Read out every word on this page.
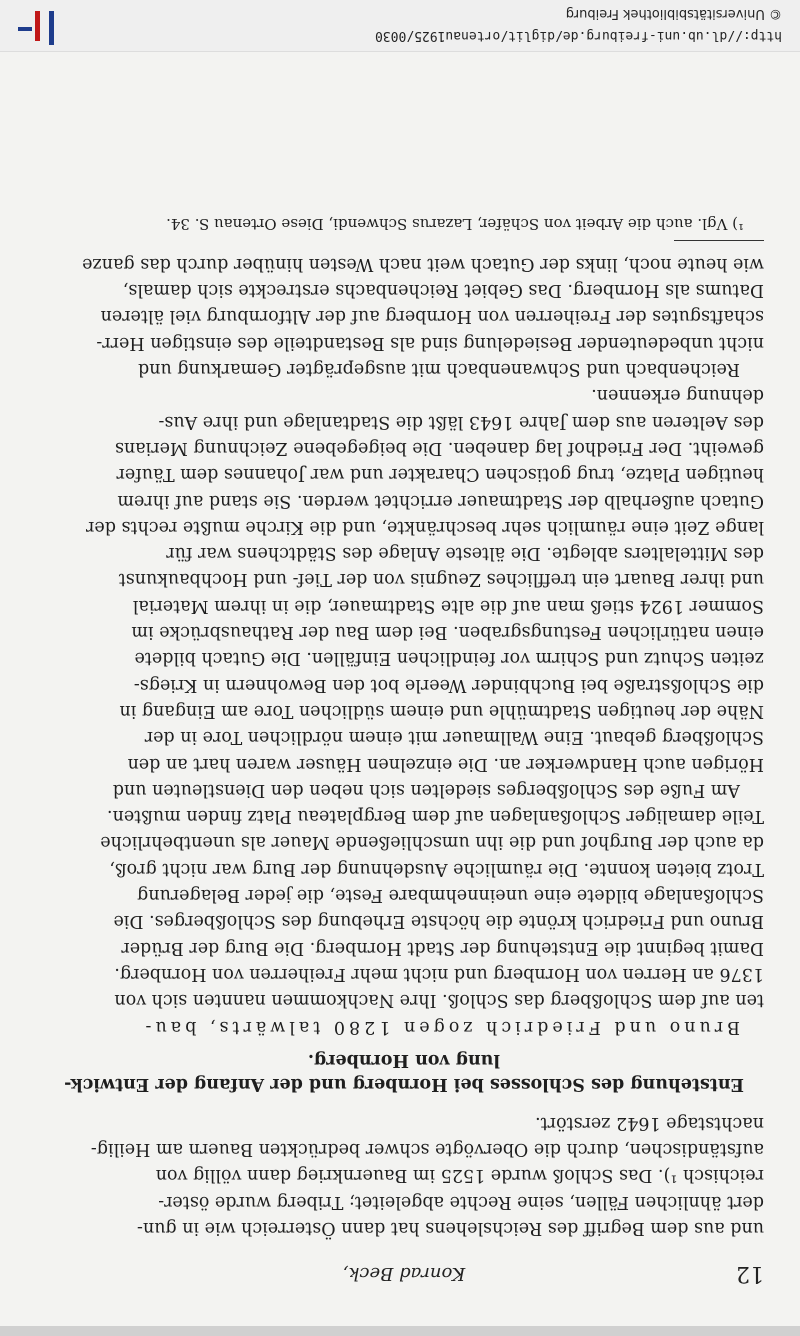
12
Konrad Beck,

und aus dem Begriff des Reichslehens hat dann Österreich wie in gun-
dert ähnlichen Fällen, seine Rechte abgeleitet; Triberg wurde öster-
reichisch ¹). Das Schloß wurde 1525 im Bauernkrieg dann völlig von
aufständischen, durch die Obervögte schwer bedrückten Bauern am Heilig-
nachtstage 1642 zerstört.

Entstehung des Schlosses bei Hornberg und der Anfang der Entwick-
lung von Hornberg.

Bruno und Friedrich zogen 1280 talwärts, bau-
ten auf dem Schloßberg das Schloß. Ihre Nachkommen nannten sich von
1376 an Herren von Hornberg und nicht mehr Freiherren von Hornberg.
Damit beginnt die Entstehung der Stadt Hornberg. Die Burg der Brüder
Bruno und Friedrich krönte die höchste Erhebung des Schloßberges. Die
Schloßanlage bildete eine uneinnehmbare Feste, die jeder Belagerung
Trotz bieten konnte. Die räumliche Ausdehnung der Burg war nicht groß,
da auch der Burghof und die ihn umschließende Mauer als unentbehrliche
Teile damaliger Schloßanlagen auf dem Bergplateau Platz finden mußten.
Am Fuße des Schloßberges siedelten sich neben den Dienstleuten und
Hörigen auch Handwerker an. Die einzelnen Häuser waren hart an den
Schloßberg gebaut. Eine Wallmauer mit einem nördlichen Tore in der
Nähe der heutigen Stadtmühle und einem südlichen Tore am Eingang in
die Schloßstraße bei Buchbinder Weerle bot den Bewohnern in Kriegs-
zeiten Schutz und Schirm vor feindlichen Einfällen. Die Gutach bildete
einen natürlichen Festungsgraben. Bei dem Bau der Rathausbrücke im
Sommer 1924 stieß man auf die alte Stadtmauer, die in ihrem Material
und ihrer Bauart ein treffliches Zeugnis von der Tief- und Hochbaukunst
des Mittelalters ablegte. Die älteste Anlage des Städtchens war für
lange Zeit eine räumlich sehr beschränkte, und die Kirche mußte rechts der
Gutach außerhalb der Stadtmauer errichtet werden. Sie stand auf ihrem
heutigen Platze, trug gotischen Charakter und war Johannes dem Täufer
geweiht. Der Friedhof lag daneben. Die beigegebene Zeichnung Merians
des Aelteren aus dem Jahre 1643 läßt die Stadtanlage und ihre Aus-
dehnung erkennen.

Reichenbach und Schwanenbach mit ausgeprägter Gemarkung und
nicht unbedeutender Besiedelung sind als Bestandteile des einstigen Herr-
schaftsgutes der Freiherren von Hornberg auf der Altfornburg viel älteren
Datums als Hornberg. Das Gebiet Reichenbachs erstreckte sich damals,
wie heute noch, links der Gutach weit nach Westen hinüber durch das ganze

¹) Vgl. auch die Arbeit von Schäfer, Lazarus Schwendi, Diese Ortenau S. 34.

http://dl.ub.uni-freiburg.de/diglit/ortenau1925/0030
© Universitätsbibliothek Freiburg
